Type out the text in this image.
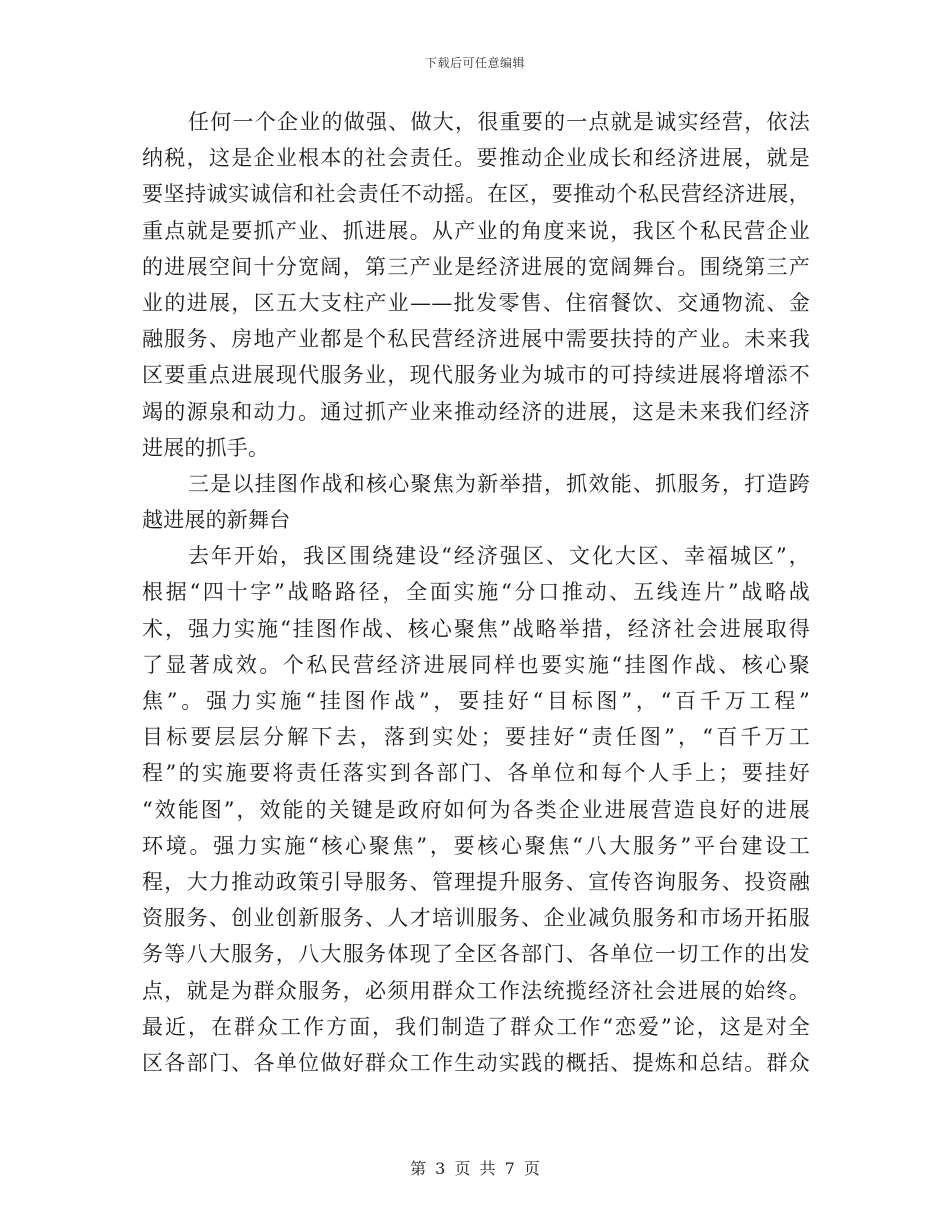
下载后可任意编辑
任何一个企业的做强、做大，很重要的一点就是诚实经营，依法
纳税，这是企业根本的社会责任。要推动企业成长和经济进展，就是
要坚持诚实诚信和社会责任不动摇。在区，要推动个私民营经济进展，
重点就是要抓产业、抓进展。从产业的角度来说，我区个私民营企业
的进展空间十分宽阔，第三产业是经济进展的宽阔舞台。围绕第三产
业的进展，区五大支柱产业——批发零售、住宿餐饮、交通物流、金
融服务、房地产业都是个私民营经济进展中需要扶持的产业。未来我
区要重点进展现代服务业，现代服务业为城市的可持续进展将增添不
竭的源泉和动力。通过抓产业来推动经济的进展，这是未来我们经济
进展的抓手。
三是以挂图作战和核心聚焦为新举措，抓效能、抓服务，打造跨
越进展的新舞台
去年开始，我区围绕建设“经济强区、文化大区、幸福城区”，
根据“四十字”战略路径，全面实施“分口推动、五线连片”战略战
术，强力实施“挂图作战、核心聚焦”战略举措，经济社会进展取得
了显著成效。个私民营经济进展同样也要实施“挂图作战、核心聚
焦”。强力实施“挂图作战”，要挂好“目标图”，“百千万工程”
目标要层层分解下去，落到实处；要挂好“责任图”，“百千万工
程”的实施要将责任落实到各部门、各单位和每个人手上；要挂好
“效能图”，效能的关键是政府如何为各类企业进展营造良好的进展
环境。强力实施“核心聚焦”，要核心聚焦“八大服务”平台建设工
程，大力推动政策引导服务、管理提升服务、宣传咨询服务、投资融
资服务、创业创新服务、人才培训服务、企业减负服务和市场开拓服
务等八大服务，八大服务体现了全区各部门、各单位一切工作的出发
点，就是为群众服务，必须用群众工作法统揽经济社会进展的始终。
最近，在群众工作方面，我们制造了群众工作“恋爱”论，这是对全
区各部门、各单位做好群众工作生动实践的概括、提炼和总结。群众
第 3 页 共 7 页
